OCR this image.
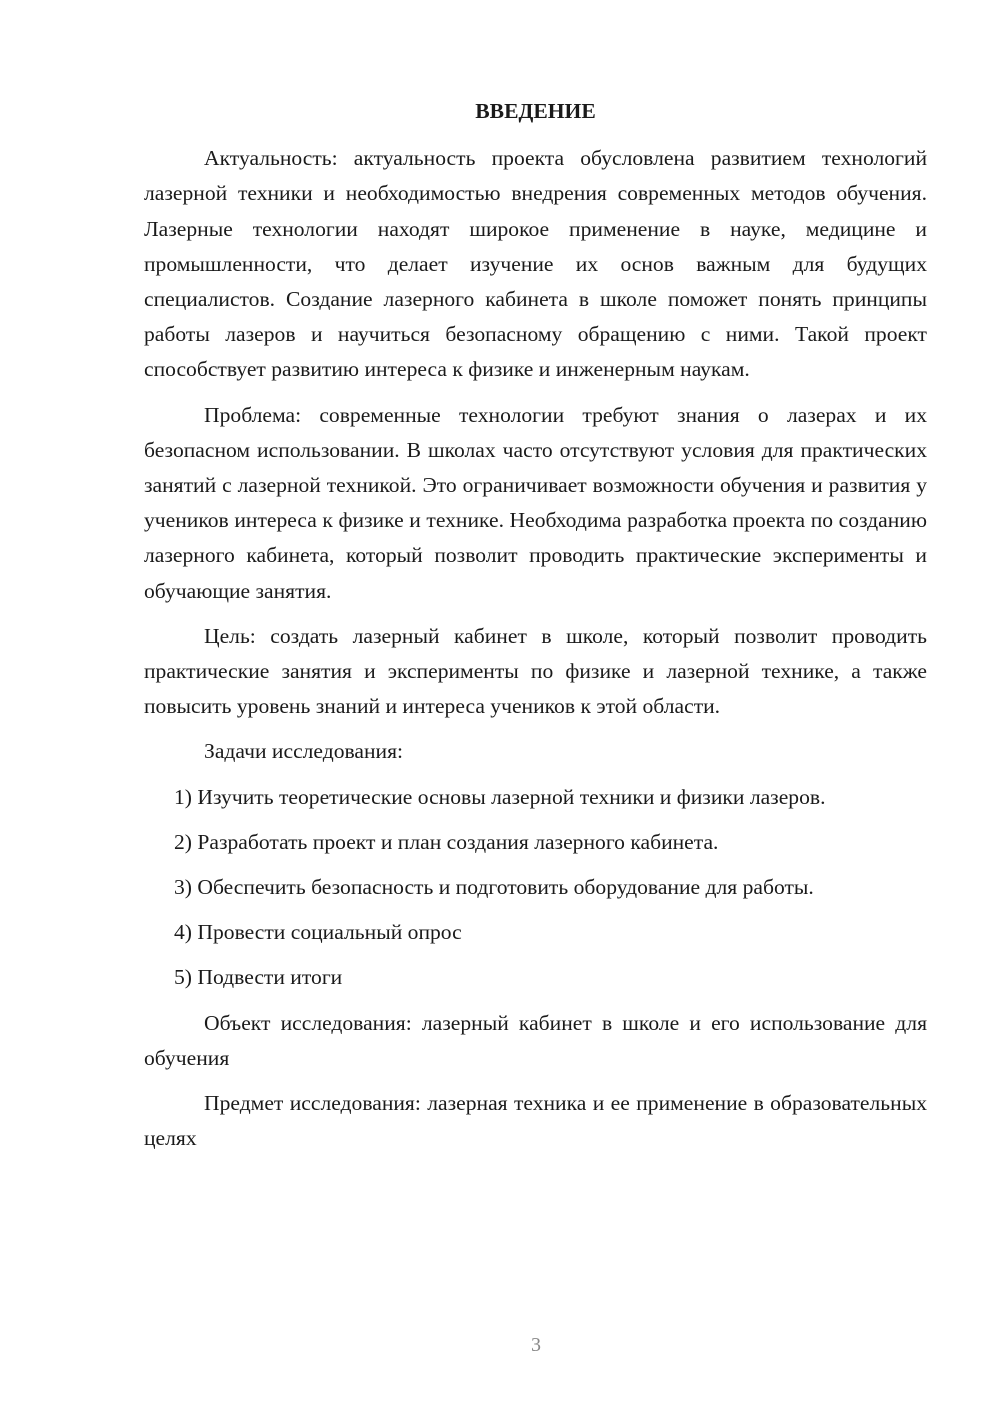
ВВЕДЕНИЕ

Актуальность: актуальность проекта обусловлена развитием технологий лазерной техники и необходимостью внедрения современных методов обучения. Лазерные технологии находят широкое применение в науке, медицине и промышленности, что делает изучение их основ важным для будущих специалистов. Создание лазерного кабинета в школе поможет понять принципы работы лазеров и научиться безопасному обращению с ними. Такой проект способствует развитию интереса к физике и инженерным наукам.

Проблема: современные технологии требуют знания о лазерах и их безопасном использовании. В школах часто отсутствуют условия для практических занятий с лазерной техникой. Это ограничивает возможности обучения и развития у учеников интереса к физике и технике. Необходима разработка проекта по созданию лазерного кабинета, который позволит проводить практические эксперименты и обучающие занятия.

Цель: создать лазерный кабинет в школе, который позволит проводить практические занятия и эксперименты по физике и лазерной технике, а также повысить уровень знаний и интереса учеников к этой области.

Задачи исследования:

1) Изучить теоретические основы лазерной техники и физики лазеров.
2) Разработать проект и план создания лазерного кабинета.
3) Обеспечить безопасность и подготовить оборудование для работы.
4) Провести социальный опрос
5) Подвести итоги

Объект исследования: лазерный кабинет в школе и его использование для обучения

Предмет исследования: лазерная техника и ее применение в образовательных целях

3
